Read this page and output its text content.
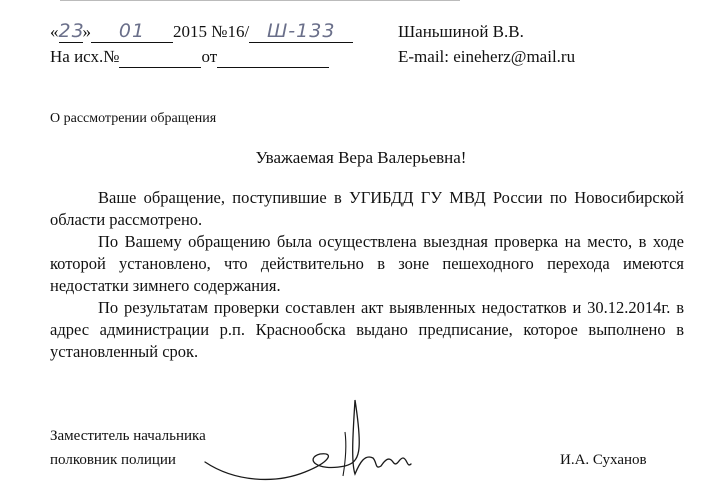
«23» 01 2015 №16/ Ш-133
На исх.№	от
Шаньшиной В.В.
E-mail: eineherz@mail.ru
О рассмотрении обращения
Уважаемая Вера Валерьевна!

Ваше обращение, поступившие в УГИБДД ГУ МВД России по Новосибирской области рассмотрено.

По Вашему обращению была осуществлена выездная проверка на место, в ходе которой установлено, что действительно в зоне пешеходного перехода имеются недостатки зимнего содержания.

По результатам проверки составлен акт выявленных недостатков и 30.12.2014г. в адрес администрации р.п. Краснообска выдано предписание, которое выполнено в установленный срок.

Заместитель начальника
полковник полиции	И.А. Суханов
